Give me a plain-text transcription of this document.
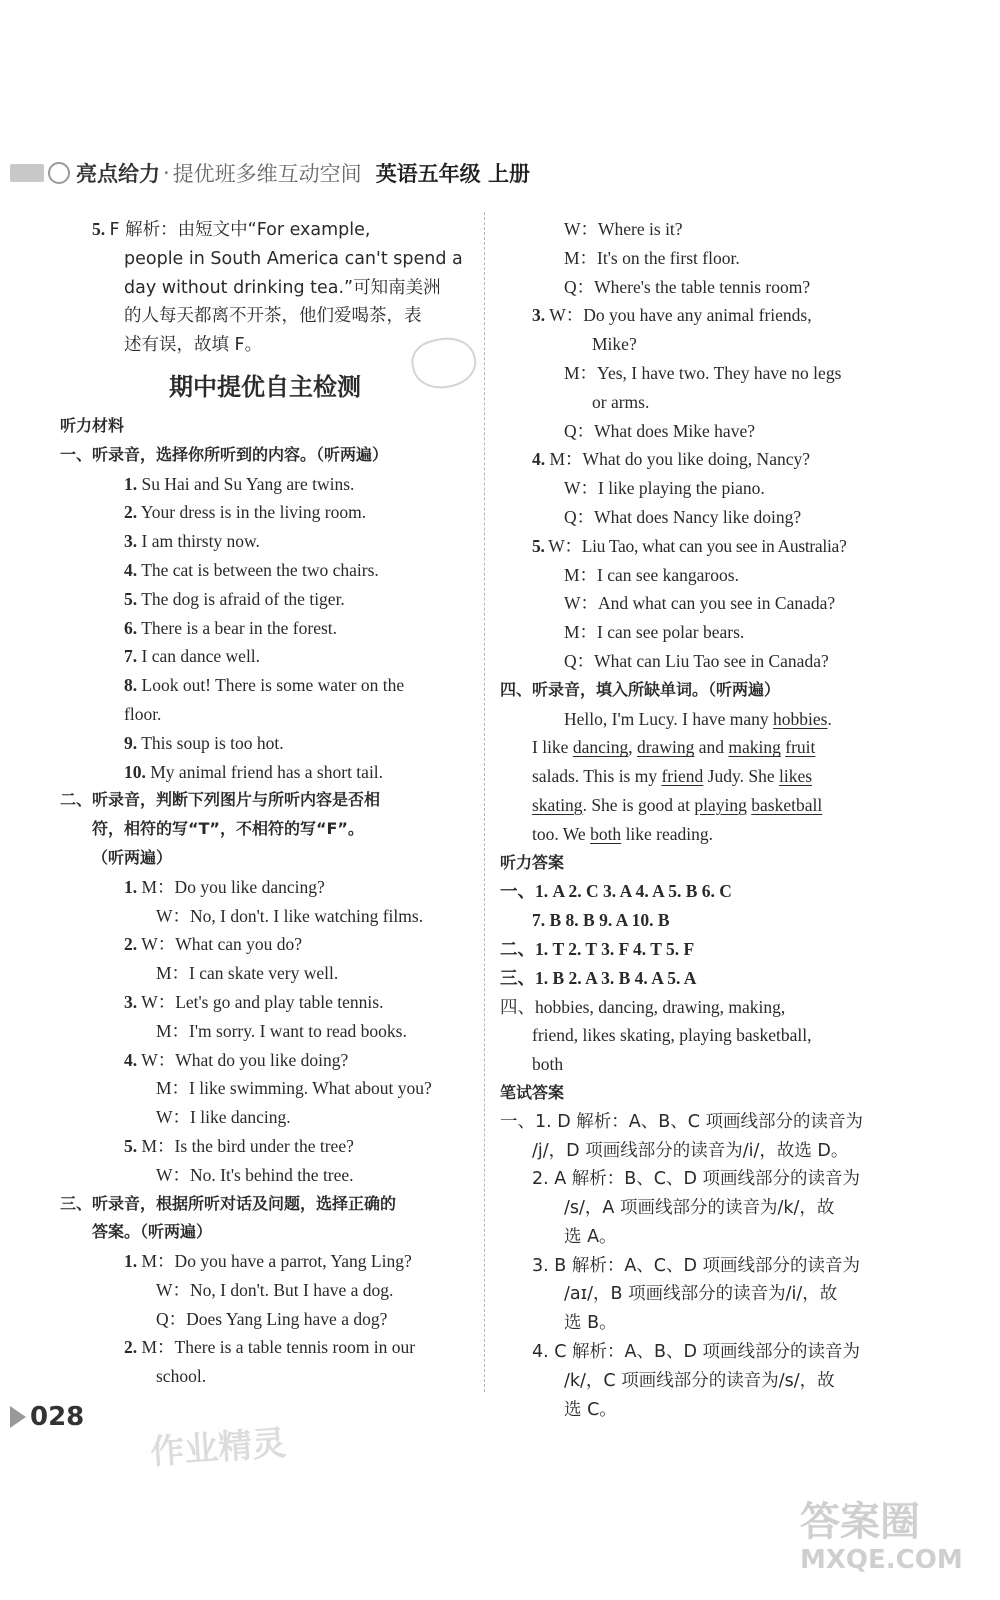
亮点给力 · 提优班多维互动空间 英语五年级 上册
5. F 解析：由短文中“For example,
people in South America can't spend a
day without drinking tea.”可知南美洲
的人每天都离不开茶，他们爱喝茶，表
述有误，故填 F。
期中提优自主检测
听力材料
一、听录音，选择你所听到的内容。（听两遍）
1. Su Hai and Su Yang are twins.
2. Your dress is in the living room.
3. I am thirsty now.
4. The cat is between the two chairs.
5. The dog is afraid of the tiger.
6. There is a bear in the forest.
7. I can dance well.
8. Look out! There is some water on the
floor.
9. This soup is too hot.
10. My animal friend has a short tail.
二、听录音，判断下列图片与所听内容是否相
符，相符的写“T”，不相符的写“F”。
（听两遍）
1. M：Do you like dancing?
W：No, I don't. I like watching films.
2. W：What can you do?
M：I can skate very well.
3. W：Let's go and play table tennis.
M：I'm sorry. I want to read books.
4. W：What do you like doing?
M：I like swimming. What about you?
W：I like dancing.
5. M：Is the bird under the tree?
W：No. It's behind the tree.
三、听录音，根据所听对话及问题，选择正确的
答案。（听两遍）
1. M：Do you have a parrot, Yang Ling?
W：No, I don't. But I have a dog.
Q：Does Yang Ling have a dog?
2. M：There is a table tennis room in our
school.
W：Where is it?
M：It's on the first floor.
Q：Where's the table tennis room?
3. W：Do you have any animal friends,
Mike?
M：Yes, I have two. They have no legs
or arms.
Q：What does Mike have?
4. M：What do you like doing, Nancy?
W：I like playing the piano.
Q：What does Nancy like doing?
5. W：Liu Tao, what can you see in Australia?
M：I can see kangaroos.
W：And what can you see in Canada?
M：I can see polar bears.
Q：What can Liu Tao see in Canada?
四、听录音，填入所缺单词。（听两遍）
Hello, I'm Lucy. I have many hobbies.
I like dancing, drawing and making fruit
salads. This is my friend Judy. She likes
skating. She is good at playing basketball
too. We both like reading.
听力答案
一、1. A 2. C 3. A 4. A 5. B 6. C
7. B 8. B 9. A 10. B
二、1. T 2. T 3. F 4. T 5. F
三、1. B 2. A 3. B 4. A 5. A
四、hobbies, dancing, drawing, making,
friend, likes skating, playing basketball,
both
笔试答案
一、1. D 解析：A、B、C 项画线部分的读音为
/j/，D 项画线部分的读音为/i/，故选 D。
2. A 解析：B、C、D 项画线部分的读音为
/s/，A 项画线部分的读音为/k/，故
选 A。
3. B 解析：A、C、D 项画线部分的读音为
/aɪ/，B 项画线部分的读音为/i/，故
选 B。
4. C 解析：A、B、D 项画线部分的读音为
/k/，C 项画线部分的读音为/s/，故
选 C。
028
作业精灵
答案圈
MXQE.COM
